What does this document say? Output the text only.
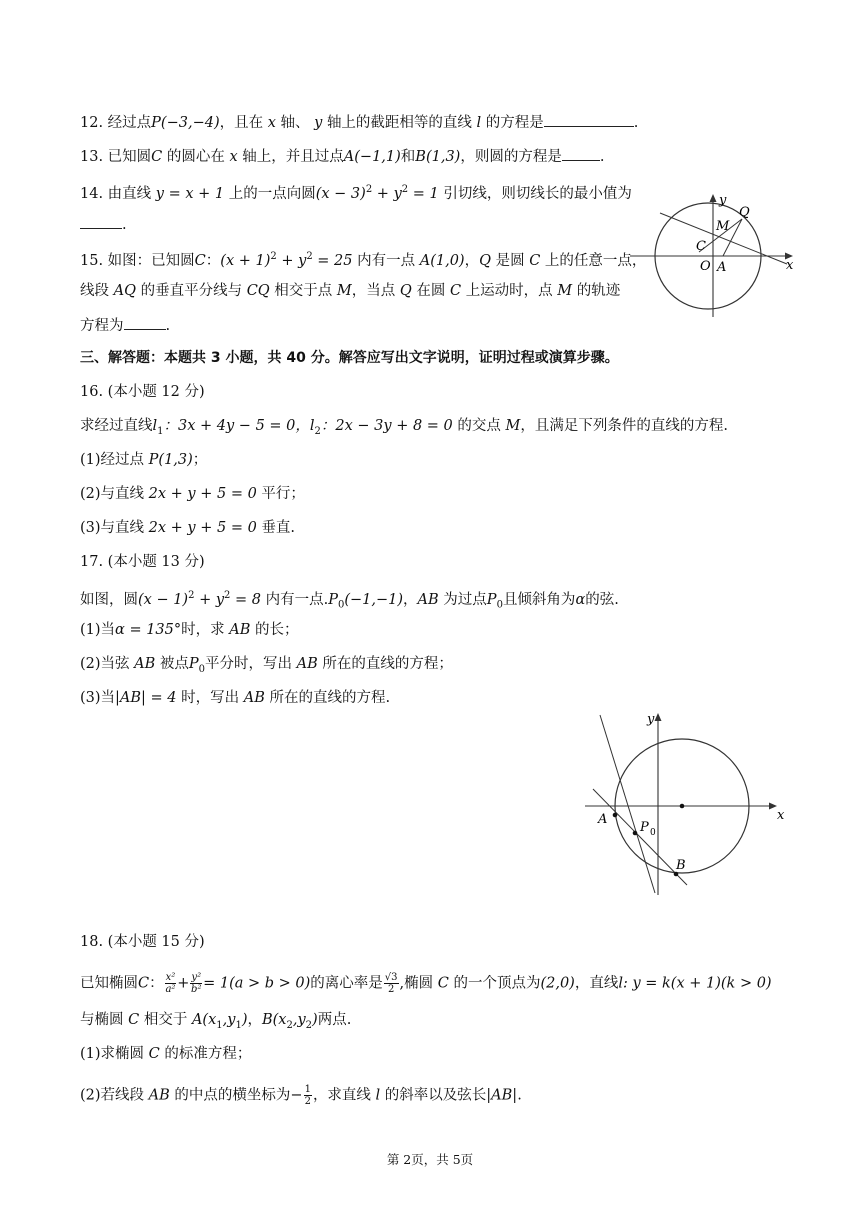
12. 经过点P(−3,−4)，且在 x 轴、 y 轴上的截距相等的直线 l 的方程是	.
13. 已知圆C 的圆心在 x 轴上，并且过点A(−1,1)和B(1,3)，则圆的方程是	.
14. 由直线 y = x + 1 上的一点向圆$(x - 3)^2 + y^2 = 1$ 引切线，则切线长的最小值为
.
15. 如图：已知圆C：$(x + 1)^2 + y^2 = 25$ 内有一点 A(1,0)，Q 是圆 C 上的任意一点，
线段 AQ 的垂直平分线与 CQ 相交于点 M，当点 Q 在圆 C 上运动时，点 M 的轨迹
方程为	.
y
x
M
Q
C
O A
三、解答题：本题共 3 小题，共 40 分。解答应写出文字说明，证明过程或演算步骤。
16. (本小题 12 分)
求经过直线$l_1$：3x + 4y − 5 = 0，$l_2$：2x − 3y + 8 = 0 的交点 M，且满足下列条件的直线的方程.
(1)经过点 P(1,3)；
(2)与直线 2x + y + 5 = 0 平行；
(3)与直线 2x + y + 5 = 0 垂直.
17. (本小题 13 分)
如图，圆$(x - 1)^2 + y^2 = 8$ 内有一点$.P_0(-1,-1)$，AB 为过点$P_0$且倾斜角为α的弦.
(1)当α = 135°时，求 AB 的长；
(2)当弦 AB 被点$P_0$平分时，写出 AB 所在的直线的方程；
(3)当|AB| = 4 时，写出 AB 所在的直线的方程.
y
x
A
P 0
B
18. (本小题 15 分)
已知椭圆C： $\frac{\text{x²}}{\text{a²}} + \frac{\text{y²}}{\text{b²}} = 1(a > b > 0)$的离心率是 $\frac{√3}{2}$ ,椭圆 C 的一个顶点为(2,0)，直线l: y = k(x + 1)(k > 0)
与椭圆 C 相交于 $A(x_1,y_1)$，$B(x_2,y_2)$两点.
(1)求椭圆 C 的标准方程；
(2)若线段 AB 的中点的横坐标为− $\frac{1}{2}$ ，求直线 l 的斜率以及弦长|AB|.
第 2页，共 5页
